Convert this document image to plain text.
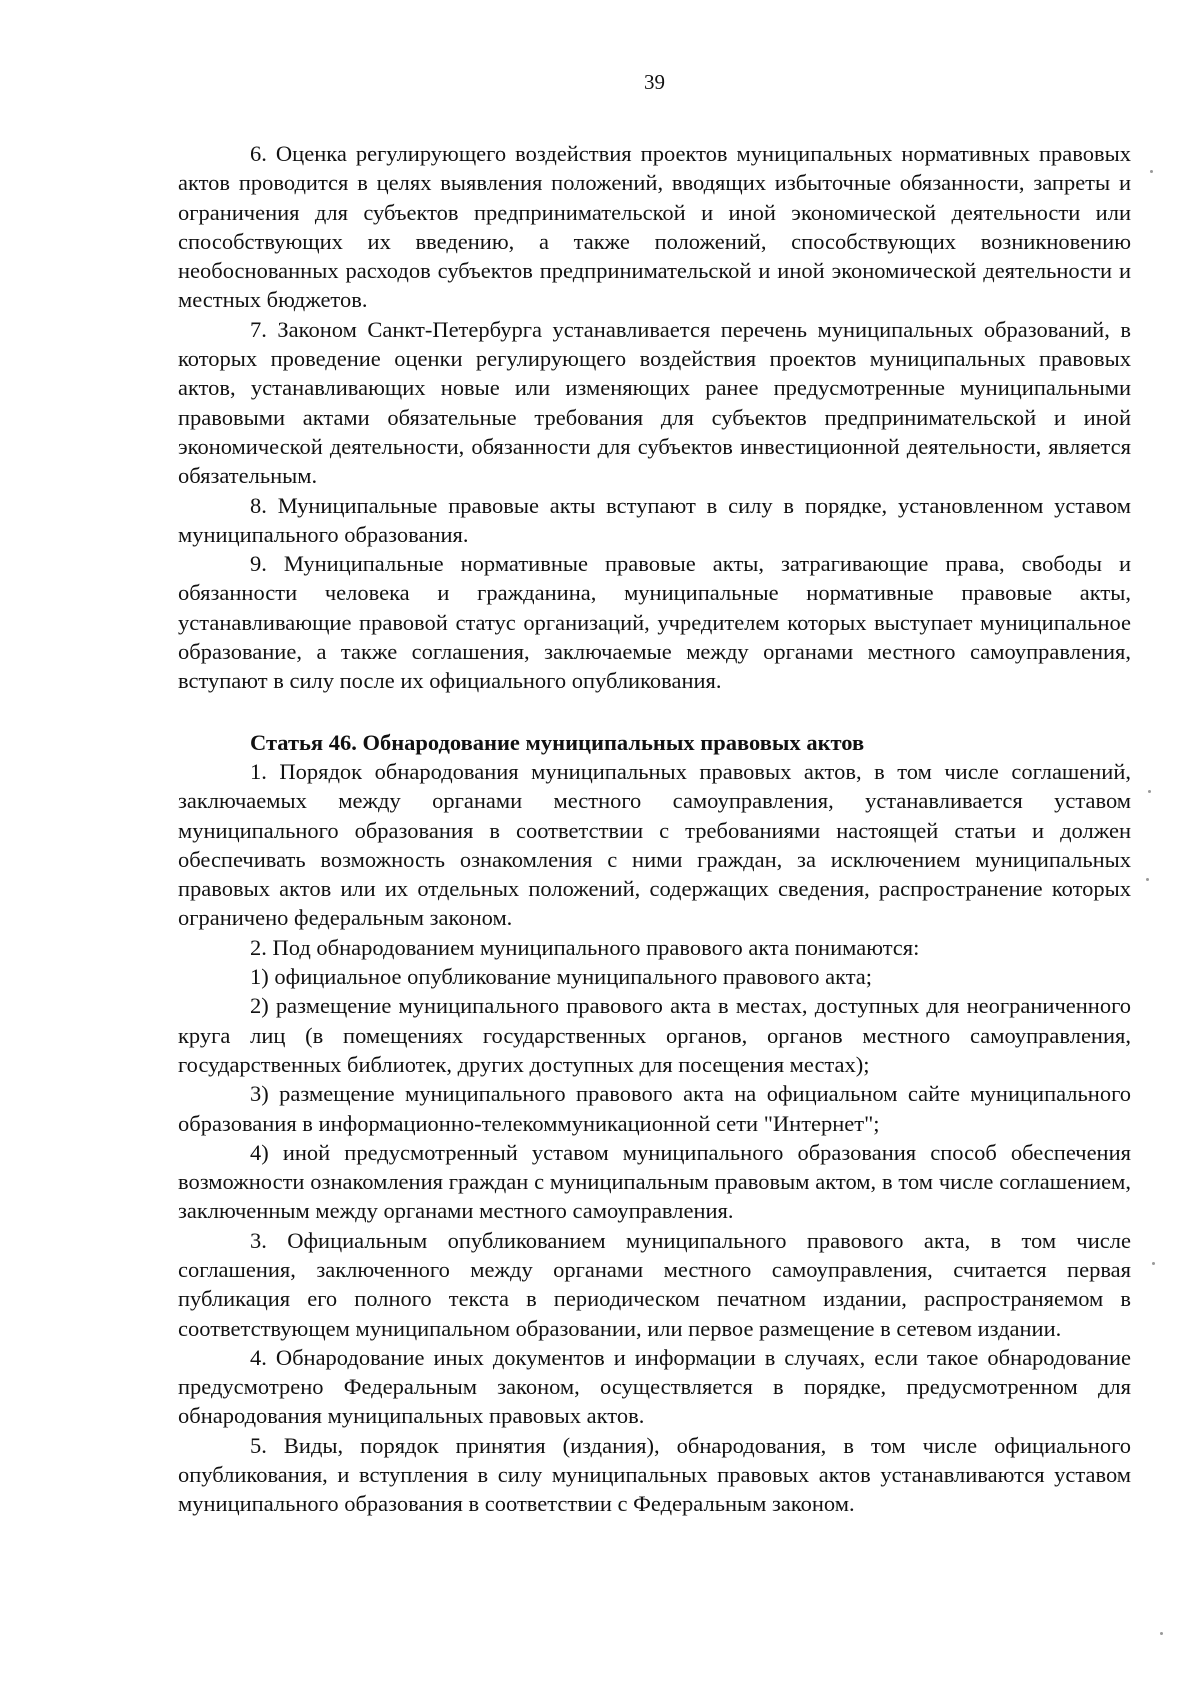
39

6. Оценка регулирующего воздействия проектов муниципальных нормативных правовых актов проводится в целях выявления положений, вводящих избыточные обязанности, запреты и ограничения для субъектов предпринимательской и иной экономической деятельности или способствующих их введению, а также положений, способствующих возникновению необоснованных расходов субъектов предпринимательской и иной экономической деятельности и местных бюджетов.

7. Законом Санкт-Петербурга устанавливается перечень муниципальных образований, в которых проведение оценки регулирующего воздействия проектов муниципальных правовых актов, устанавливающих новые или изменяющих ранее предусмотренные муниципальными правовыми актами обязательные требования для субъектов предпринимательской и иной экономической деятельности, обязанности для субъектов инвестиционной деятельности, является обязательным.

8. Муниципальные правовые акты вступают в силу в порядке, установленном уставом муниципального образования.

9. Муниципальные нормативные правовые акты, затрагивающие права, свободы и обязанности человека и гражданина, муниципальные нормативные правовые акты, устанавливающие правовой статус организаций, учредителем которых выступает муниципальное образование, а также соглашения, заключаемые между органами местного самоуправления, вступают в силу после их официального опубликования.

Статья 46. Обнародование муниципальных правовых актов

1. Порядок обнародования муниципальных правовых актов, в том числе соглашений, заключаемых между органами местного самоуправления, устанавливается уставом муниципального образования в соответствии с требованиями настоящей статьи и должен обеспечивать возможность ознакомления с ними граждан, за исключением муниципальных правовых актов или их отдельных положений, содержащих сведения, распространение которых ограничено федеральным законом.

2. Под обнародованием муниципального правового акта понимаются:

1) официальное опубликование муниципального правового акта;

2) размещение муниципального правового акта в местах, доступных для неограниченного круга лиц (в помещениях государственных органов, органов местного самоуправления, государственных библиотек, других доступных для посещения местах);

3) размещение муниципального правового акта на официальном сайте муниципального образования в информационно-телекоммуникационной сети "Интернет";

4) иной предусмотренный уставом муниципального образования способ обеспечения возможности ознакомления граждан с муниципальным правовым актом, в том числе соглашением, заключенным между органами местного самоуправления.

3. Официальным опубликованием муниципального правового акта, в том числе соглашения, заключенного между органами местного самоуправления, считается первая публикация его полного текста в периодическом печатном издании, распространяемом в соответствующем муниципальном образовании, или первое размещение в сетевом издании.

4. Обнародование иных документов и информации в случаях, если такое обнародование предусмотрено Федеральным законом, осуществляется в порядке, предусмотренном для обнародования муниципальных правовых актов.

5. Виды, порядок принятия (издания), обнародования, в том числе официального опубликования, и вступления в силу муниципальных правовых актов устанавливаются уставом муниципального образования в соответствии с Федеральным законом.
